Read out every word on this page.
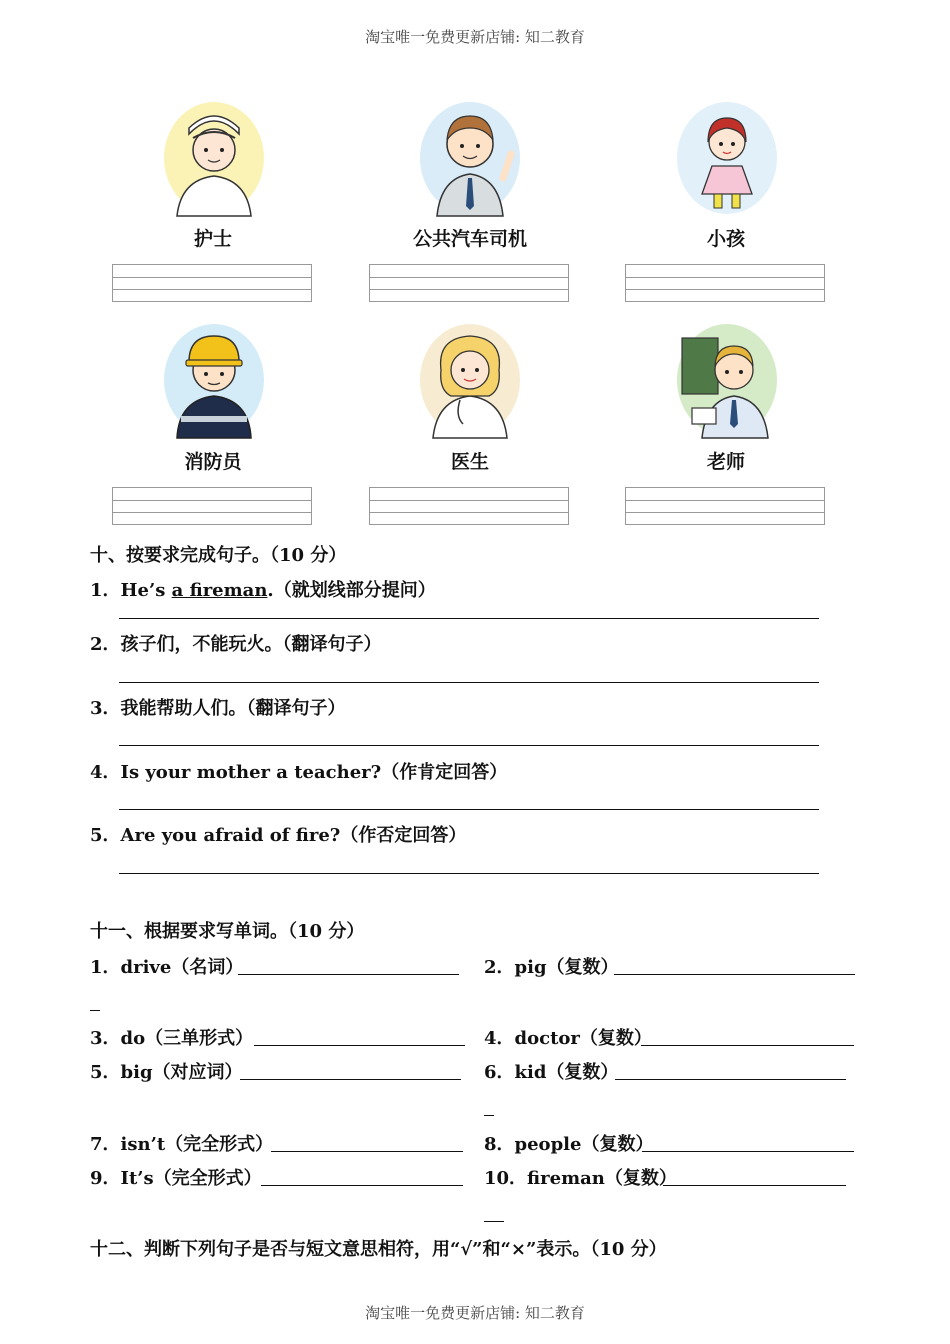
淘宝唯一免费更新店铺: 知二教育
护士	公共汽车司机	小孩
消防员	医生	老师
十、按要求完成句子。（10 分）
1．He’s a fireman.（就划线部分提问）
2．孩子们，不能玩火。（翻译句子）
3．我能帮助人们。（翻译句子）
4．Is your mother a teacher?（作肯定回答）
5．Are you afraid of fire?（作否定回答）
十一、根据要求写单词。（10 分）
1．drive（名词）	2．pig（复数）
3．do（三单形式）	4．doctor（复数）
5．big（对应词）	6．kid（复数）
7．isn’t（完全形式）	8．people（复数）
9．It’s（完全形式）	10．fireman（复数）
十二、判断下列句子是否与短文意思相符，用“√”和“×”表示。（10 分）
淘宝唯一免费更新店铺: 知二教育
